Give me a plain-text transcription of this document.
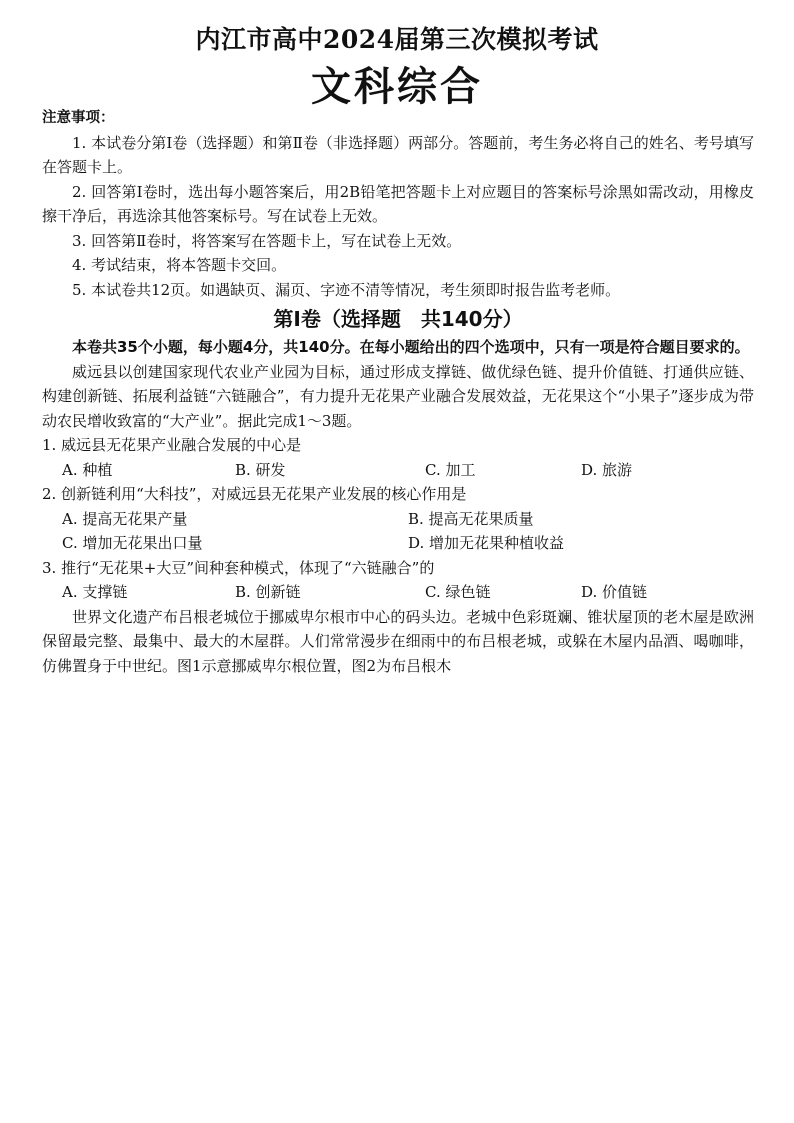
内江市高中2024届第三次模拟考试
文科综合

注意事项：

1. 本试卷分第Ⅰ卷（选择题）和第Ⅱ卷（非选择题）两部分。答题前，考生务必将自己的姓名、考号填写在答题卡上。

2. 回答第Ⅰ卷时，选出每小题答案后，用2B铅笔把答题卡上对应题目的答案标号涂黑如需改动，用橡皮擦干净后，再选涂其他答案标号。写在试卷上无效。

3. 回答第Ⅱ卷时，将答案写在答题卡上，写在试卷上无效。

4. 考试结束，将本答题卡交回。

5. 本试卷共12页。如遇缺页、漏页、字迹不清等情况，考生须即时报告监考老师。

第Ⅰ卷（选择题　共140分）

本卷共35个小题，每小题4分，共140分。在每小题给出的四个选项中，只有一项是符合题目要求的。

威远县以创建国家现代农业产业园为目标，通过形成支撑链、做优绿色链、提升价值链、打通供应链、构建创新链、拓展利益链“六链融合”，有力提升无花果产业融合发展效益，无花果这个“小果子”逐步成为带动农民增收致富的“大产业”。据此完成1～3题。

1. 威远县无花果产业融合发展的中心是

A. 种植	B. 研发	C. 加工	D. 旅游

2. 创新链利用“大科技”，对威远县无花果产业发展的核心作用是

A. 提高无花果产量	B. 提高无花果质量
C. 增加无花果出口量	D. 增加无花果种植收益

3. 推行“无花果+大豆”间种套种模式，体现了“六链融合”的

A. 支撑链	B. 创新链	C. 绿色链	D. 价值链

世界文化遗产布吕根老城位于挪威卑尔根市中心的码头边。老城中色彩斑斓、锥状屋顶的老木屋是欧洲保留最完整、最集中、最大的木屋群。人们常常漫步在细雨中的布吕根老城，或躲在木屋内品酒、喝咖啡，仿佛置身于中世纪。图1示意挪威卑尔根位置，图2为布吕根木
